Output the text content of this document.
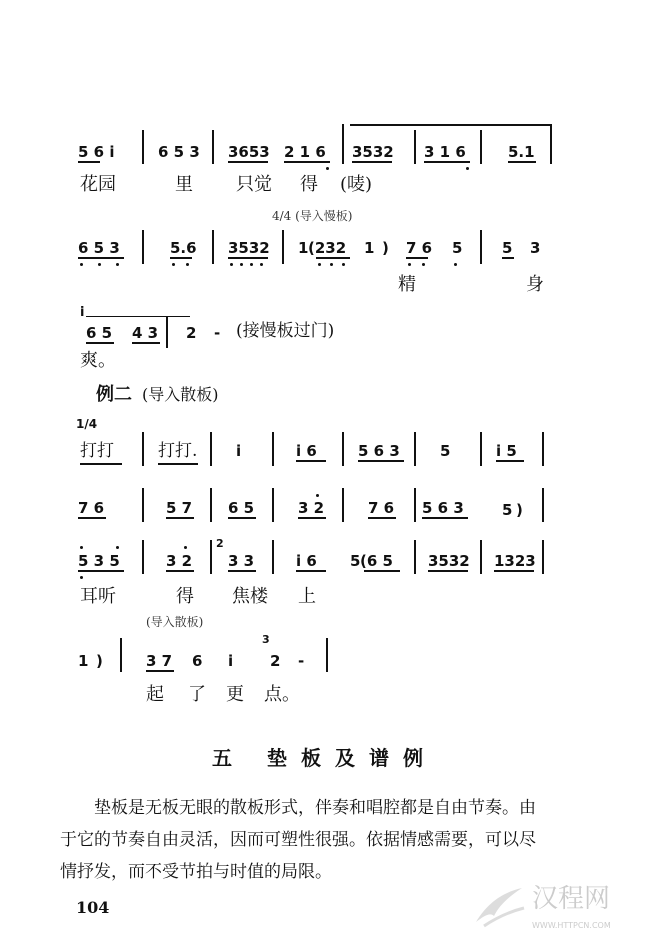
5 6 i	6 5 3 3653 2 1 6 3532 3 1 6	5.1
花园	里 只觉 得 (唛)
4/4 (导入慢板)
6 5 3	5.6 3532 1 (232 1 ) 7 6 5	5 3
精	身
i
6 5 4 3 2 - (接慢板过门)
爽。
例二 (导入散板)
1/4
打打	打打.	i	i 6	5 6 3	5	i 5
7 6	5 7 6 5	3 2	7 6 5 6 3	5 )
5 3 5	3 2
2
3 3	i 6 5 (6 5 3532 1323
耳听	得 焦楼 上
(导入散板)
1 )	3 7 6 i
3
2 -
起 了 更 点。
五 垫板及谱例
垫板是无板无眼的散板形式，伴奏和唱腔都是自由节奏。由
于它的节奏自由灵活，因而可塑性很强。依据情感需要，可以尽
情抒发，而不受节拍与时值的局限。
104	汉程网
WWW.HTTPCN.COM
